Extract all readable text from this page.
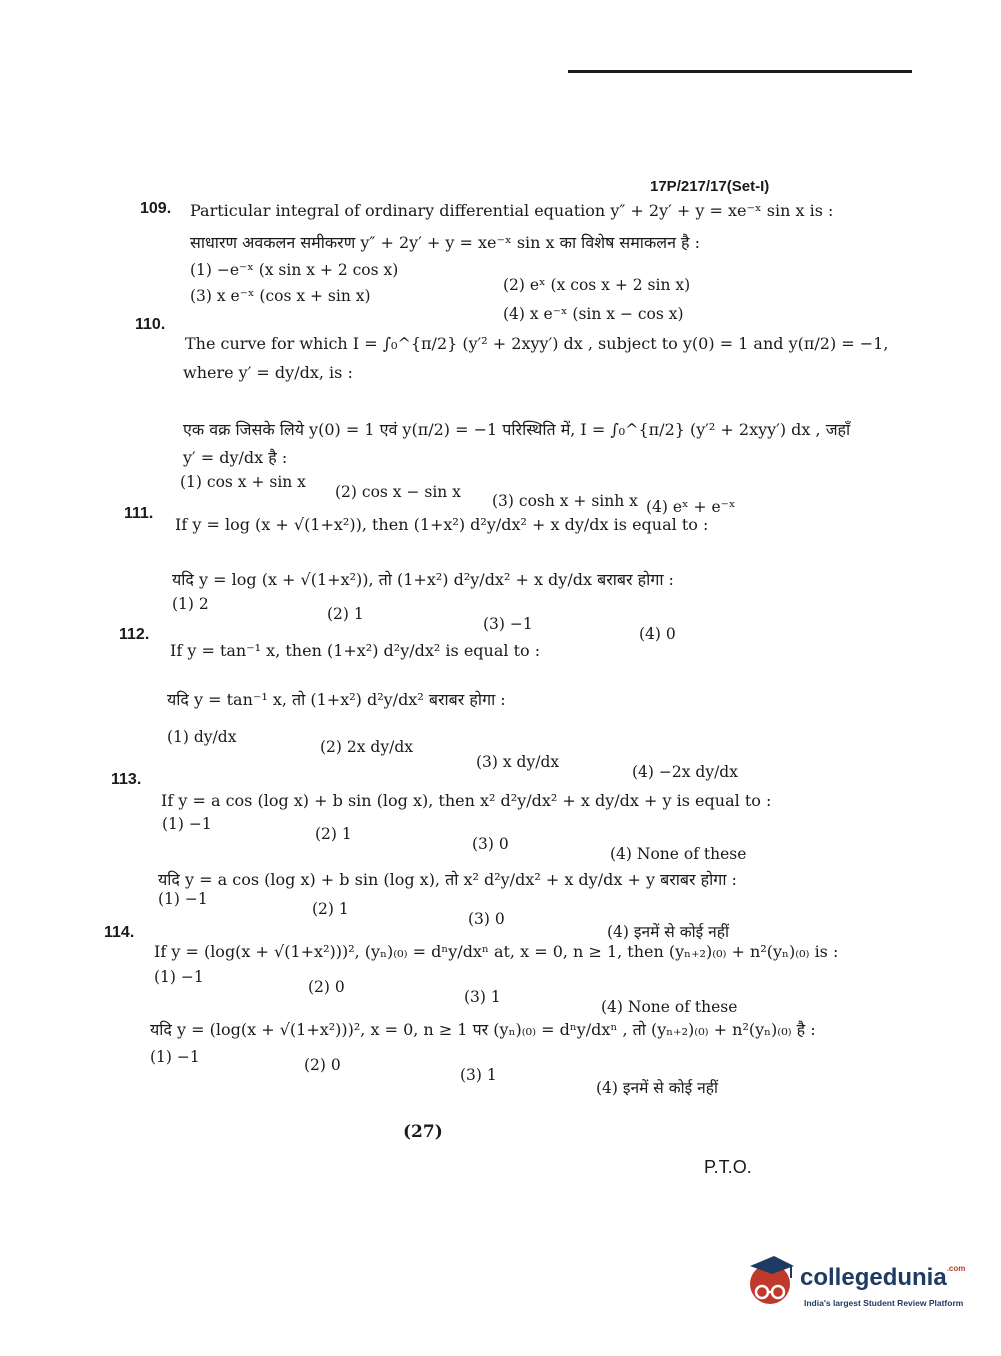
17P/217/17(Set-I)
109. Particular integral of ordinary differential equation y″ + 2y′ + y = xe⁻ˣ sin x is :
साधारण अवकलन समीकरण y″ + 2y′ + y = xe⁻ˣ sin x का विशेष समाकलन है :
(1) −e⁻ˣ (x sin x + 2 cos x)
(2) eˣ (x cos x + 2 sin x)
(3) x e⁻ˣ (cos x + sin x)
(4) x e⁻ˣ (sin x − cos x)
110.
The curve for which I = ∫₀^{π/2} (y′² + 2xyy′) dx , subject to y(0) = 1 and y(π/2) = −1,
where y′ = dy/dx, is :
एक वक्र जिसके लिये y(0) = 1 एवं y(π/2) = −1 परिस्थिति में, I = ∫₀^{π/2} (y′² + 2xyy′) dx , जहाँ
y′ = dy/dx है :
(1) cos x + sin x
(2) cos x − sin x (3) cosh x + sinh x (4) eˣ + e⁻ˣ
111.
If y = log (x + √(1+x²)), then (1+x²) d²y/dx² + x dy/dx is equal to :
यदि y = log (x + √(1+x²)), तो (1+x²) d²y/dx² + x dy/dx बराबर होगा :
(1) 2
(2) 1
(3) −1
(4) 0
112.
If y = tan⁻¹ x, then (1+x²) d²y/dx² is equal to :
यदि y = tan⁻¹ x, तो (1+x²) d²y/dx² बराबर होगा :
(1) dy/dx
(2) 2x dy/dx
(3) x dy/dx
(4) −2x dy/dx
113.
If y = a cos (log x) + b sin (log x), then x² d²y/dx² + x dy/dx + y is equal to :
(1) −1
(2) 1
(3) 0
(4) None of these
यदि y = a cos (log x) + b sin (log x), तो x² d²y/dx² + x dy/dx + y बराबर होगा :
(1) −1
(2) 1
(3) 0
(4) इनमें से कोई नहीं
114.
If y = (log(x + √(1+x²)))², (yₙ)₍₀₎ = dⁿy/dxⁿ at, x = 0, n ≥ 1, then (yₙ₊₂)₍₀₎ + n²(yₙ)₍₀₎ is :
(1) −1
(2) 0
(3) 1
(4) None of these
यदि y = (log(x + √(1+x²)))², x = 0, n ≥ 1 पर (yₙ)₍₀₎ = dⁿy/dxⁿ , तो (yₙ₊₂)₍₀₎ + n²(yₙ)₍₀₎ है :
(1) −1	(2) 0
(3) 1
(4) इनमें से कोई नहीं
(27)
P.T.O.
collegedunia$^{.com}$
India's largest Student Review Platform
